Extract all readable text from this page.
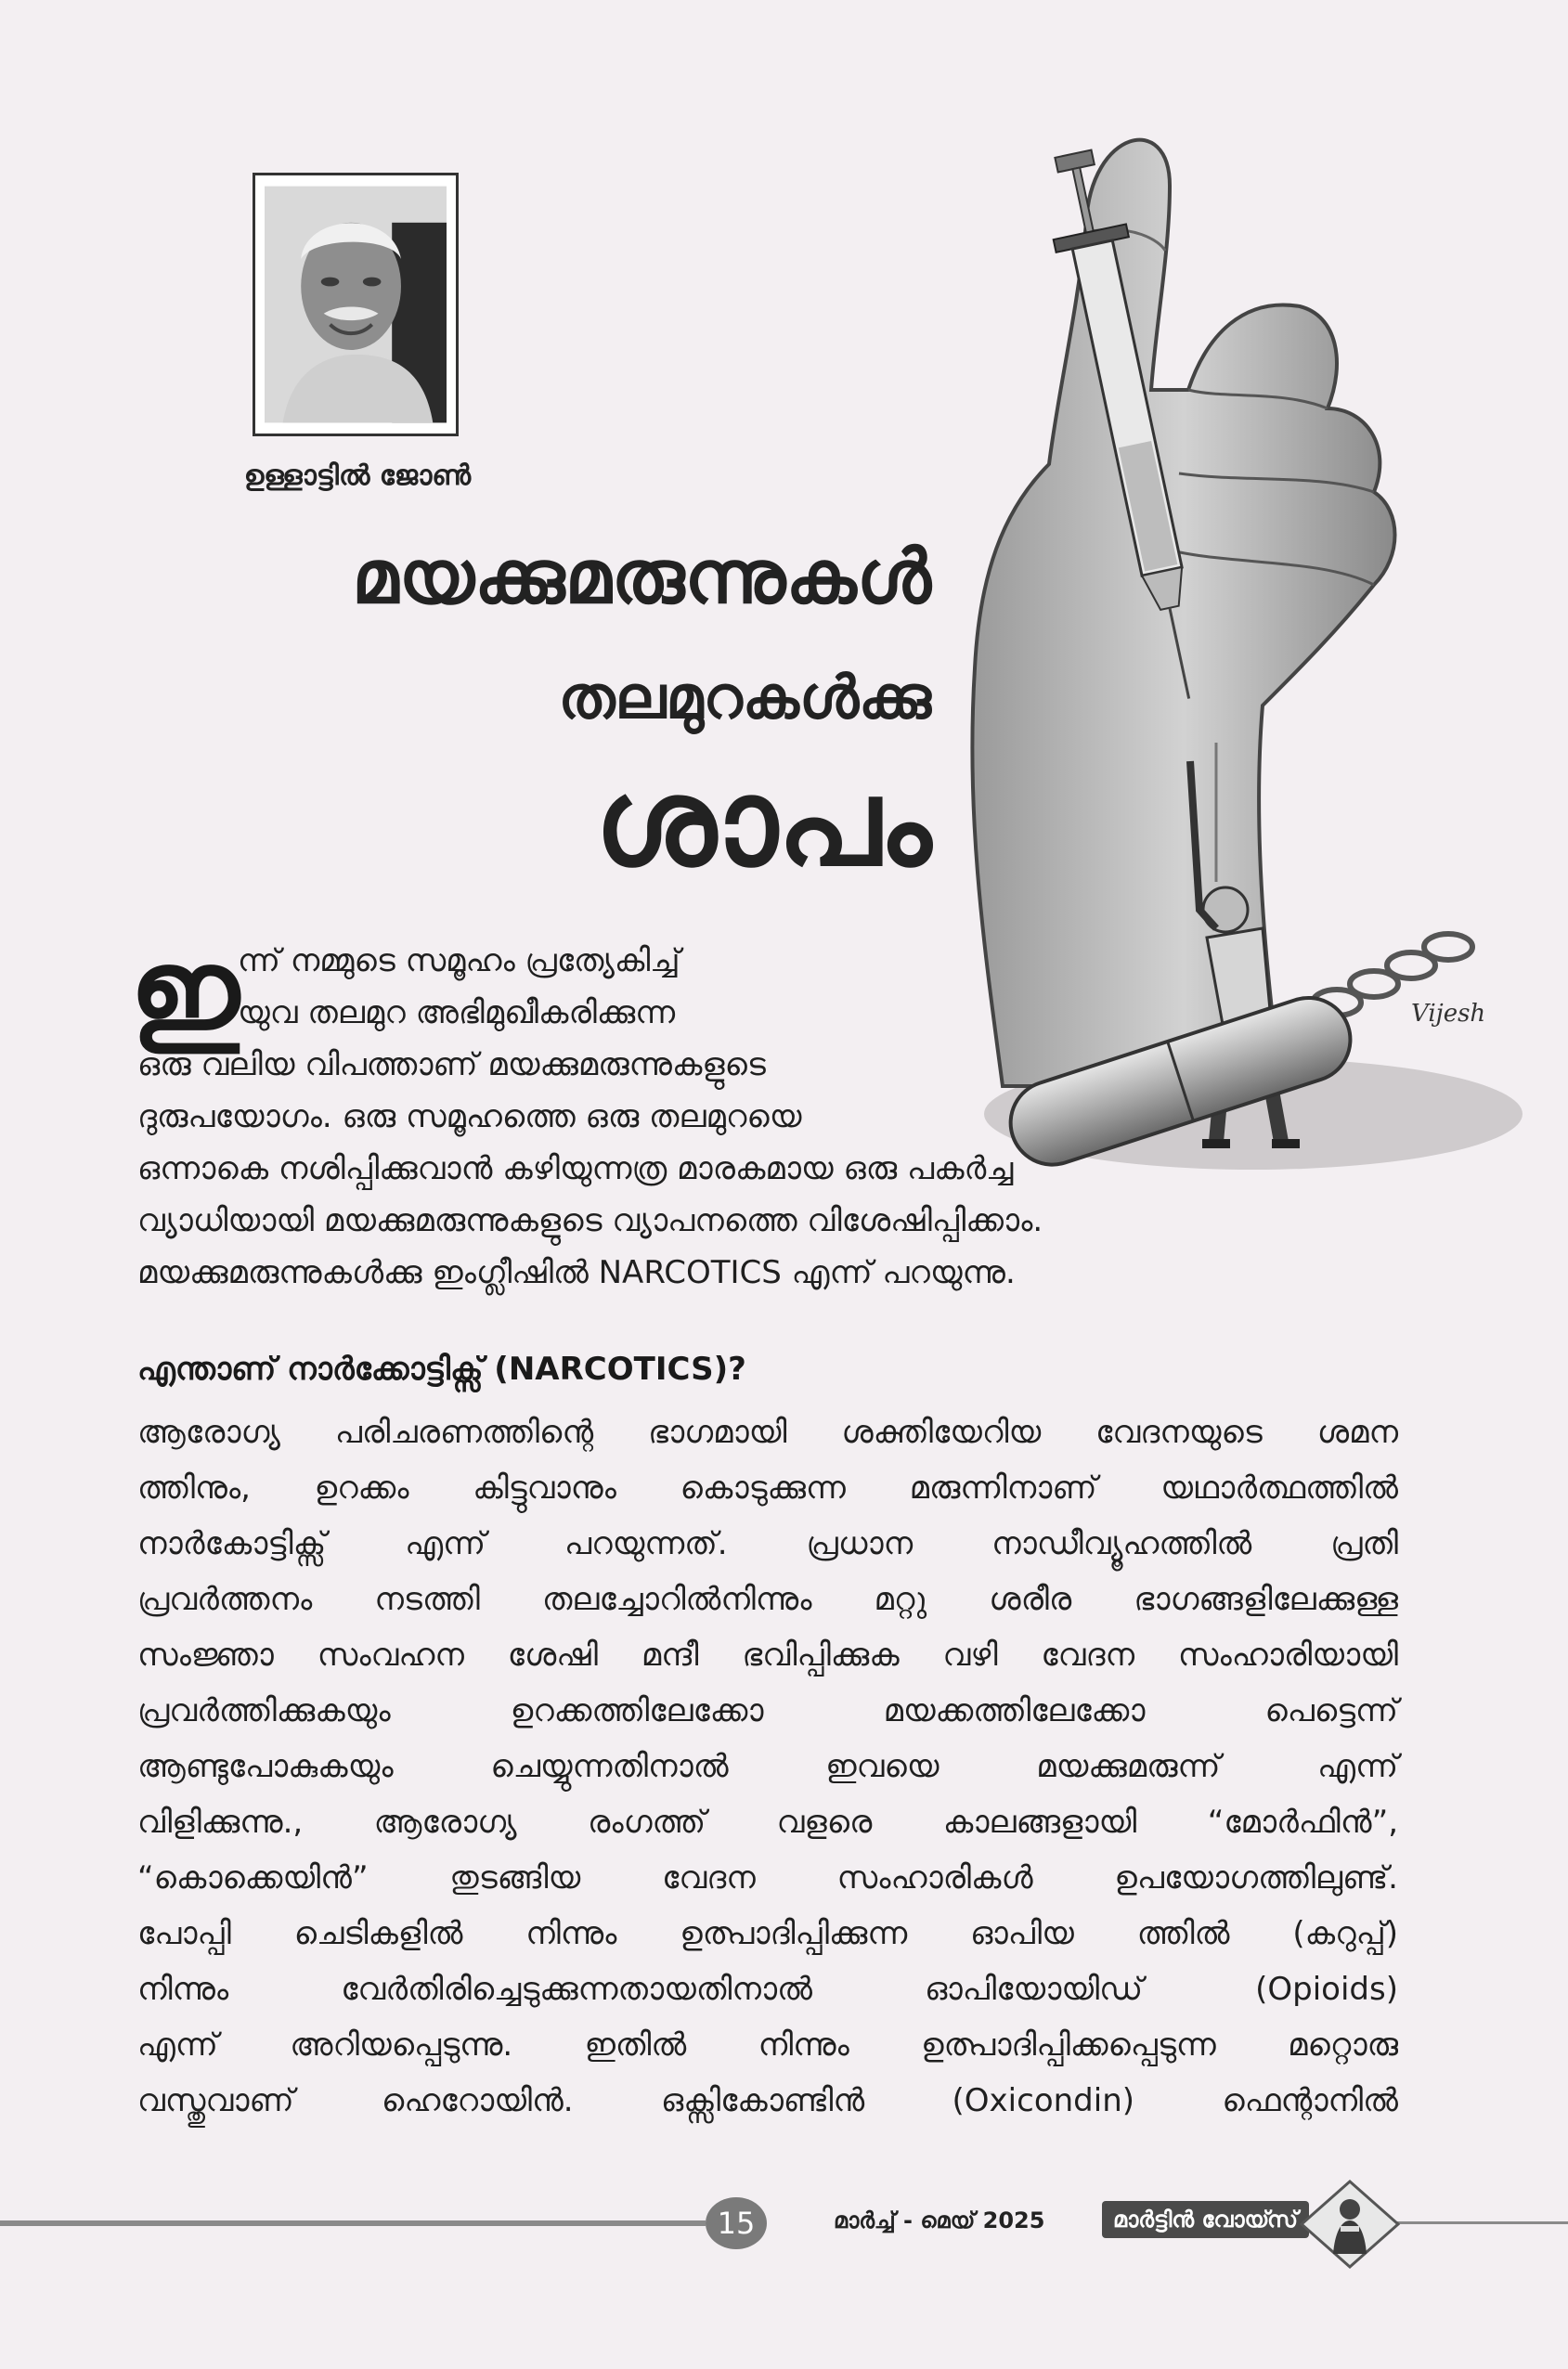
ഉള്ളാട്ടിൽ ജോൺ
മയക്കുമരുന്നുകൾ
തലമുറകൾക്കു
ശാപം
Vijesh
ഇ
ന്ന് നമ്മുടെ സമൂഹം പ്രത്യേകിച്ച്
യുവ തലമുറ അഭിമുഖീകരിക്കുന്ന
ഒരു വലിയ വിപത്താണ് മയക്കുമരുന്നുകളുടെ
ദുരുപയോഗം. ഒരു സമൂഹത്തെ ഒരു തലമുറയെ
ഒന്നാകെ നശിപ്പിക്കുവാൻ കഴിയുന്നത്ര മാരകമായ ഒരു പകർച്ച
വ്യാധിയായി മയക്കുമരുന്നുകളുടെ വ്യാപനത്തെ വിശേഷിപ്പിക്കാം.
മയക്കുമരുന്നുകൾക്കു ഇംഗ്ലീഷിൽ NARCOTICS എന്ന് പറയുന്നു.
എന്താണ് നാർക്കോട്ടിക്സ് (NARCOTICS)?
ആരോഗ്യ പരിചരണത്തിന്റെ ഭാഗമായി ശക്തിയേറിയ വേദനയുടെ ശമന
ത്തിനും, ഉറക്കം കിട്ടുവാനും കൊടുക്കുന്ന മരുന്നിനാണ് യഥാർത്ഥത്തിൽ
നാർകോട്ടിക്സ് എന്ന് പറയുന്നത്. പ്രധാന നാഡീവ്യൂഹത്തിൽ പ്രതി
പ്രവർത്തനം നടത്തി തലച്ചോറിൽനിന്നും മറ്റു ശരീര ഭാഗങ്ങളിലേക്കുള്ള
സംജ്ഞാ സംവഹന ശേഷി മന്ദീ ഭവിപ്പിക്കുക വഴി വേദന സംഹാരിയായി
പ്രവർത്തിക്കുകയും ഉറക്കത്തിലേക്കോ മയക്കത്തിലേക്കോ പെട്ടെന്ന്
ആണ്ടുപോകുകയും ചെയ്യുന്നതിനാൽ ഇവയെ മയക്കുമരുന്ന് എന്ന്
വിളിക്കുന്നു., ആരോഗ്യ രംഗത്ത് വളരെ കാലങ്ങളായി “മോർഫിൻ”,
“കൊക്കെയിൻ” തുടങ്ങിയ വേദന സംഹാരികൾ ഉപയോഗത്തിലുണ്ട്.
പോപ്പി ചെടികളിൽ നിന്നും ഉത്പാദിപ്പിക്കുന്ന ഓപിയ ത്തിൽ (കറുപ്പ്)
നിന്നും വേർതിരിച്ചെടുക്കുന്നതായതിനാൽ ഓപിയോയിഡ് (Opioids)
എന്ന് അറിയപ്പെടുന്നു. ഇതിൽ നിന്നും ഉത്പാദിപ്പിക്കപ്പെടുന്ന മറ്റൊരു
വസ്തുവാണ് ഹെറോയിൻ. ഒക്സികോണ്ടിൻ (Oxicondin) ഫെന്റാനിൽ
15	മാർച്ച് - മെയ് 2025	മാർട്ടിൻ വോയ്സ്
